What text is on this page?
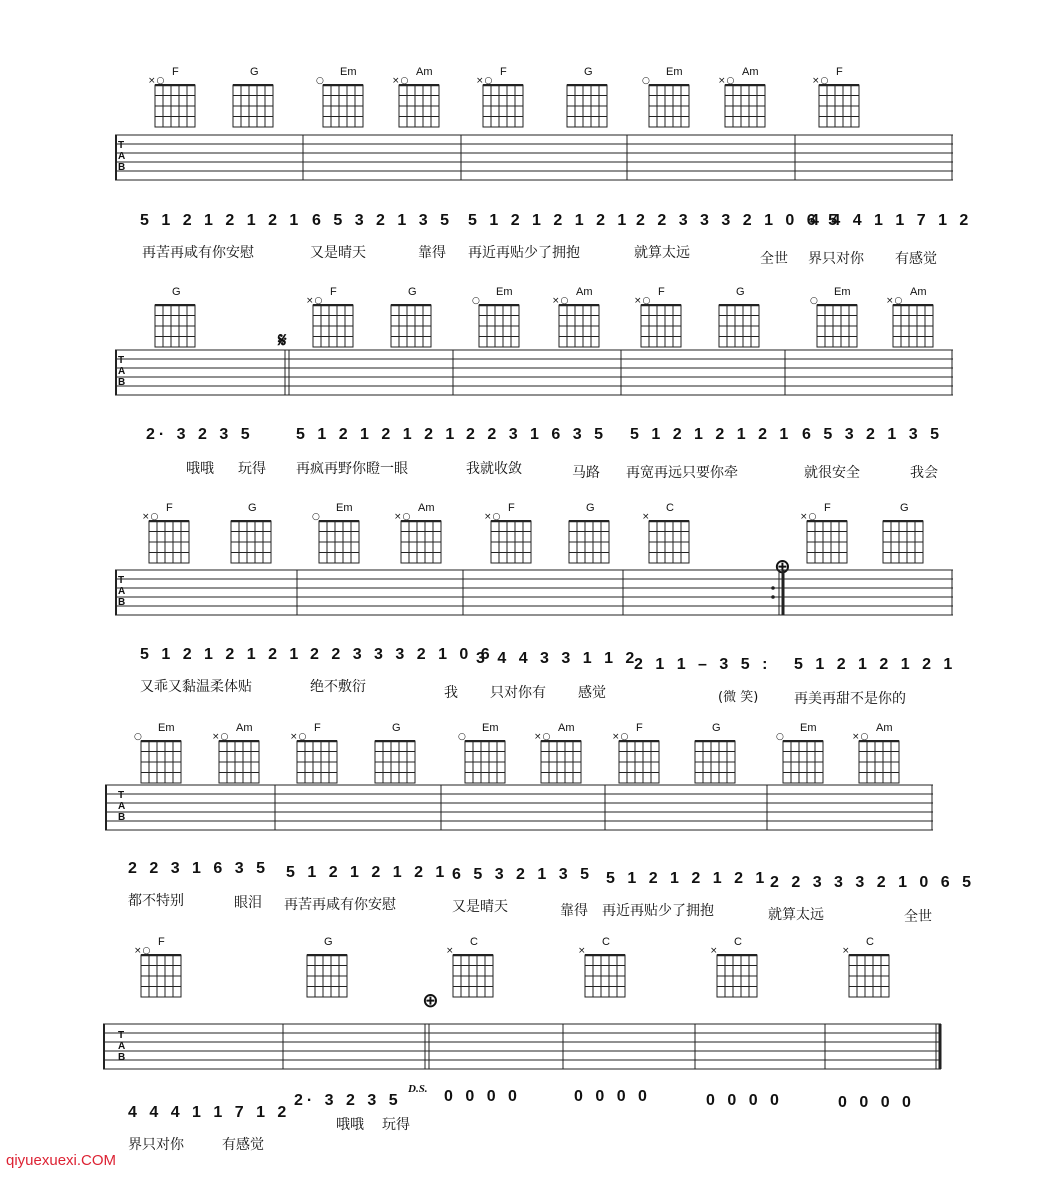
F
×○
G	Em
○
Am
×○
F
×○
G	Em
○
Am
×○
F
×○
T
A
B
5 1 2 1 2 1 2 1 6 5 3 2 1 3 5 5 1 2 1 2 1 2 1 2 2 3 3 3 2 1 0 6 5
4 4 4 1 1 7 1 2
再苦再咸有你安慰	又是晴天	靠得 再近再贴少了拥抱	就算太远	全世 界只对你 有感觉
G	F
×○
G	Em
○
Am
×○
F
×○
G	Em
○
Am
×○
𝄋
T
A
B
2· 3 2 3 5	5 1 2 1 2 1 2 1 2 2 3 1 6 3 5 5 1 2 1 2 1 2 1 6 5 3 2 1 3 5
哦哦 玩得 再疯再野你瞪一眼	我就收敛	马路 再宽再远只要你牵	就很安全	我会
F
×○
G	Em
○
Am
×○
F
×○
G	C
×
F
×○
G
⊕
T
A
B
5 1 2 1 2 1 2 1 2 2 3 3 3 2 1 0 6
3 4 4 3 3 1 1 2
2 1 1 – 3 5 : 5 1 2 1 2 1 2 1
又乖又黏温柔体贴	绝不敷衍	我 只对你有 感觉	(微 笑)	再美再甜不是你的
Em
○
Am
×○
F
×○
G	Em
○
Am
×○
F
×○
G	Em
○
Am
×○
T
A
B
2 2 3 1 6 3 5 5 1 2 1 2 1 2 1 6 5 3 2 1 3 5 5 1 2 1 2 1 2 1 2 2 3 3 3 2 1 0 6 5
都不特别	眼泪 再苦再咸有你安慰	又是晴天	靠得 再近再贴少了拥抱	就算太远	全世
F
×○
G	C
×
C
×
C
×
C
×
⊕
T
A
B
D.S.
4 4 4 1 1 7 1 2
2· 3 2 3 5	0 0 0 0	0 0 0 0	0 0 0 0	0 0 0 0
界只对你	有感觉
哦哦 玩得
qiyuexuexi.COM
